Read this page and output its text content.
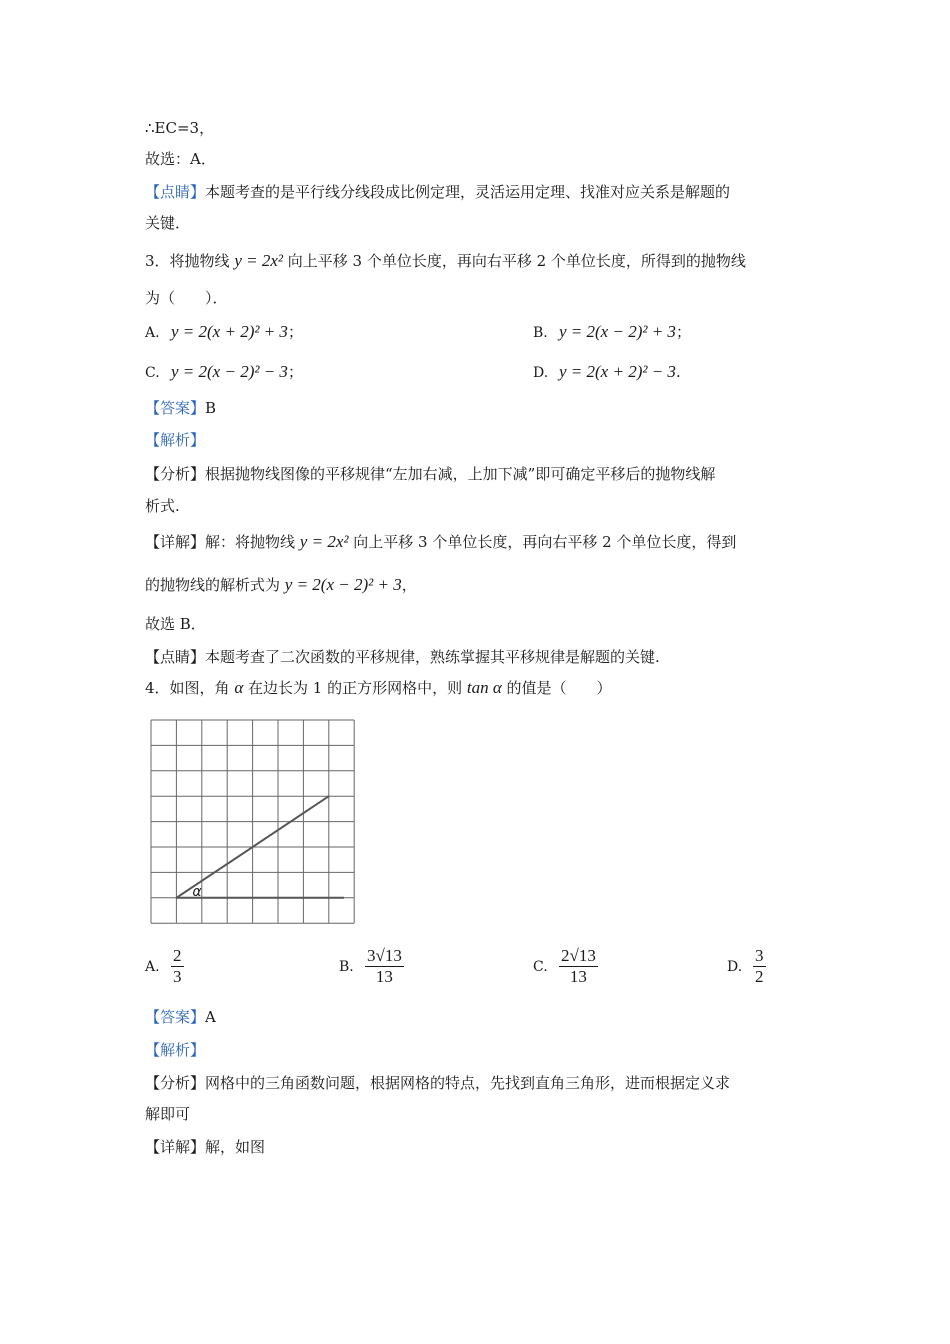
∴EC=3，
故选：A．
【点睛】本题考查的是平行线分线段成比例定理，灵活运用定理、找准对应关系是解题的
关键．
3．将抛物线 y = 2x² 向上平移 3 个单位长度，再向右平移 2 个单位长度，所得到的抛物线
为（　　）．
A. y = 2(x + 2)² + 3；	B. y = 2(x − 2)² + 3；
C. y = 2(x − 2)² − 3；	D. y = 2(x + 2)² − 3.
【答案】B
【解析】
【分析】根据抛物线图像的平移规律“左加右减，上加下减”即可确定平移后的抛物线解
析式.
【详解】解：将抛物线 y = 2x² 向上平移 3 个单位长度，再向右平移 2 个单位长度，得到
的抛物线的解析式为 y = 2(x − 2)² + 3，
故选 B．
【点睛】本题考查了二次函数的平移规律，熟练掌握其平移规律是解题的关键.
4．如图，角 α 在边长为 1 的正方形网格中，则 tan α 的值是（　　）
α
A. $\frac{2}{3}$	B. $\frac{3√13}{13}$	C. $\frac{2√13}{13}$	D. $\frac{3}{2}$
【答案】A
【解析】
【分析】网格中的三角函数问题，根据网格的特点，先找到直角三角形，进而根据定义求
解即可
【详解】解，如图
